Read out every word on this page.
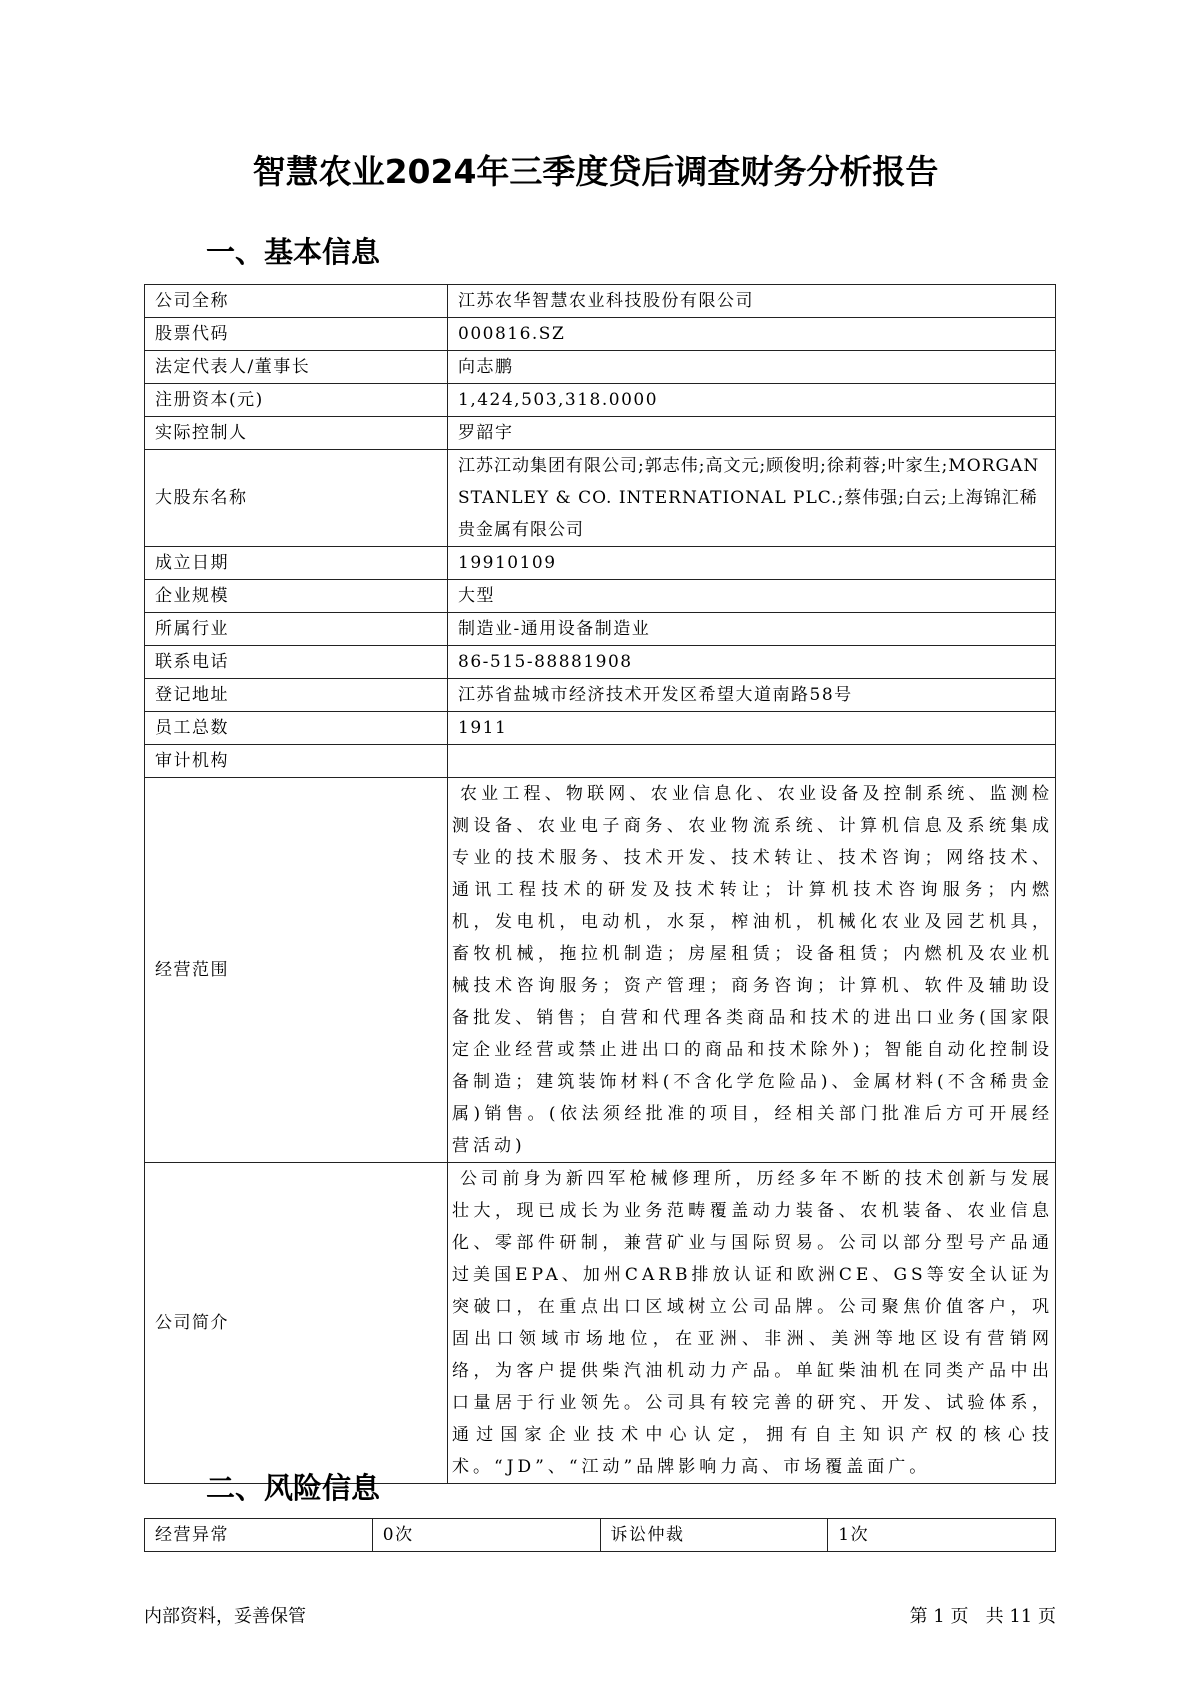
智慧农业2024年三季度贷后调查财务分析报告
一、基本信息
公司全称	江苏农华智慧农业科技股份有限公司
股票代码	000816.SZ
法定代表人/董事长	向志鹏
注册资本(元)	1,424,503,318.0000
实际控制人	罗韶宇
大股东名称	江苏江动集团有限公司;郭志伟;高文元;顾俊明;徐莉蓉;叶家生;MORGAN STANLEY & CO. INTERNATIONAL PLC.;蔡伟强;白云;上海锦汇稀贵金属有限公司
成立日期	19910109
企业规模	大型
所属行业	制造业-通用设备制造业
联系电话	86-515-88881908
登记地址	江苏省盐城市经济技术开发区希望大道南路58号
员工总数	1911
审计机构	
经营范围	农业工程、物联网、农业信息化、农业设备及控制系统、监测检测设备、农业电子商务、农业物流系统、计算机信息及系统集成专业的技术服务、技术开发、技术转让、技术咨询；网络技术、通讯工程技术的研发及技术转让；计算机技术咨询服务；内燃机，发电机，电动机，水泵，榨油机，机械化农业及园艺机具，畜牧机械，拖拉机制造；房屋租赁；设备租赁；内燃机及农业机械技术咨询服务；资产管理；商务咨询；计算机、软件及辅助设备批发、销售；自营和代理各类商品和技术的进出口业务(国家限定企业经营或禁止进出口的商品和技术除外)；智能自动化控制设备制造；建筑装饰材料(不含化学危险品)、金属材料(不含稀贵金属)销售。(依法须经批准的项目，经相关部门批准后方可开展经营活动)
公司简介	公司前身为新四军枪械修理所，历经多年不断的技术创新与发展壮大，现已成长为业务范畴覆盖动力装备、农机装备、农业信息化、零部件研制，兼营矿业与国际贸易。公司以部分型号产品通过美国EPA、加州CARB排放认证和欧洲CE、GS等安全认证为突破口，在重点出口区域树立公司品牌。公司聚焦价值客户，巩固出口领域市场地位，在亚洲、非洲、美洲等地区设有营销网络，为客户提供柴汽油机动力产品。单缸柴油机在同类产品中出口量居于行业领先。公司具有较完善的研究、开发、试验体系，通过国家企业技术中心认定，拥有自主知识产权的核心技术。“JD”、“江动”品牌影响力高、市场覆盖面广。
二、风险信息
经营异常	0次	诉讼仲裁	1次
内部资料，妥善保管	第 1 页   共 11 页
